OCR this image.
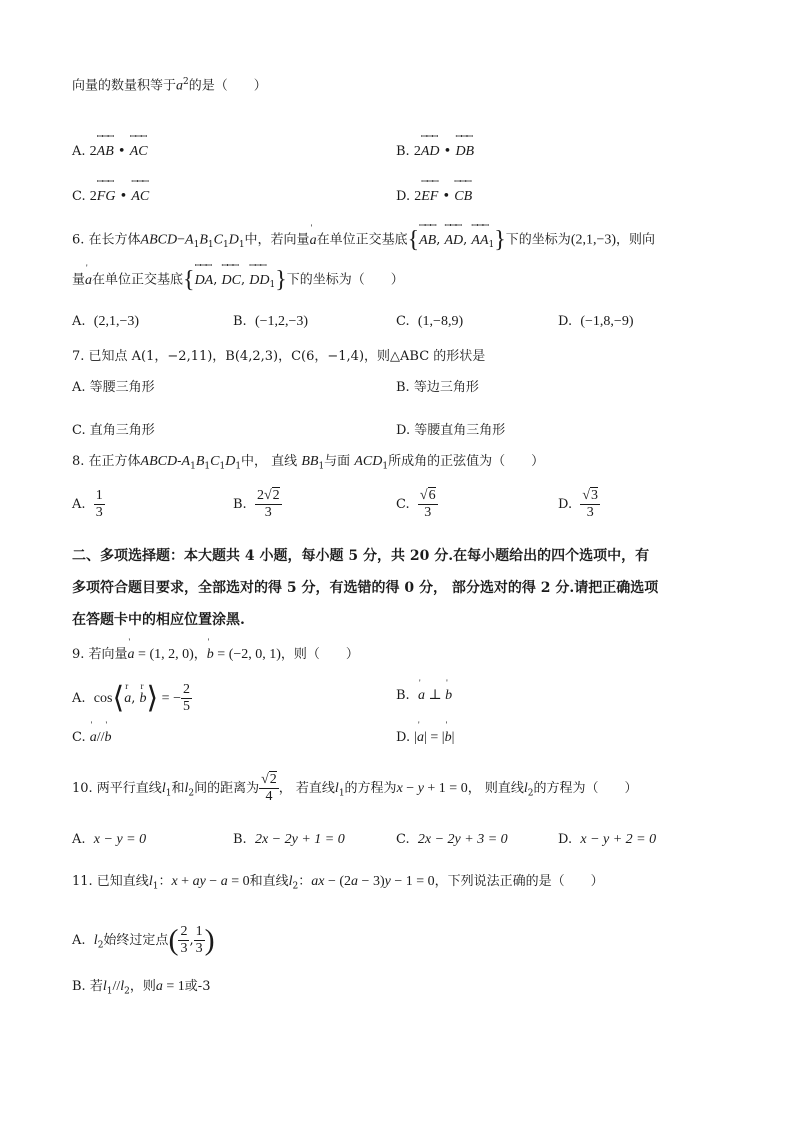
向量的数量积等于$a^2$的是（　　）
A. 2
ꟷꟷꟷ
AB •
ꟷꟷꟷ
AC	B. 2
ꟷꟷꟷ
AD •
ꟷꟷꟷ
DB
C. 2
ꟷꟷꟷ
FG •
ꟷꟷꟷ
AC	D. 2
ꟷꟷꟷ
EF •
ꟷꟷꟷ
CB
6. 在长方体$ABCD-A_1B_1C_1D_1$中，若向量
'
a在单位正交基底{
ꟷꟷꟷ
AB,
ꟷꟷꟷ
AD,
ꟷꟷꟷ
$AA_1$}下的坐标为(2,1,−3)，则向
量
'
a在单位正交基底{
ꟷꟷꟷ
DA,
ꟷꟷꟷ
DC,
ꟷꟷꟷ
$DD_1$}下的坐标为（　　）
A. (2,1,−3)	B. (−1,2,−3)	C. (1,−8,9)	D. (−1,8,−9)
7. 已知点 A(1，−2,11)，B(4,2,3)，C(6，−1,4)，则△ABC 的形状是
A. 等腰三角形	B. 等边三角形
C. 直角三角形	D. 等腰直角三角形
8. 在正方体ABCD-$A_1B_1C_1D_1$中， 直线 $BB_1$与面 $ACD_1$所成角的正弦值为（　　）
A. $\frac{1}{3}$	B. $\frac{2√2}{3}$	C. $\frac{√6}{3}$	D. $\frac{√3}{3}$
二、多项选择题：本大题共 4 小题，每小题 5 分，共 20 分.在每小题给出的四个选项中，有
多项符合题目要求，全部选对的得 5 分，有选错的得 0 分， 部分选对的得 2 分.请把正确选项
在答题卡中的相应位置涂黑.
9. 若向量
'
a = (1, 2, 0)，
'
b = (−2, 0, 1)，则（　　）
A. cos⟨ r
a,
r
b⟩ = − $\frac{2}{5}$	B.
'
a ⊥
'
b
C.
'
a//
'
b	D. |
'
a| = |
'
b|
10. 两平行直线$l_1$和$l_2$间的距离为 $\frac{√2}{4}$ ， 若直线$l_1$的方程为x − y + 1 = 0， 则直线$l_2$的方程为（　　）
A. x − y = 0	B. 2x − 2y + 1 = 0	C. 2x − 2y + 3 = 0	D. x − y + 2 = 0
11. 已知直线$l_1$：x + ay − a = 0和直线$l_2$：ax − (2a − 3)y − 1 = 0，下列说法正确的是（　　）
A. $l_2$始终过定点( $\frac{2}{3}$ , $\frac{1}{3}$ )
B. 若$l_1//l_2$，则a = 1或-3
